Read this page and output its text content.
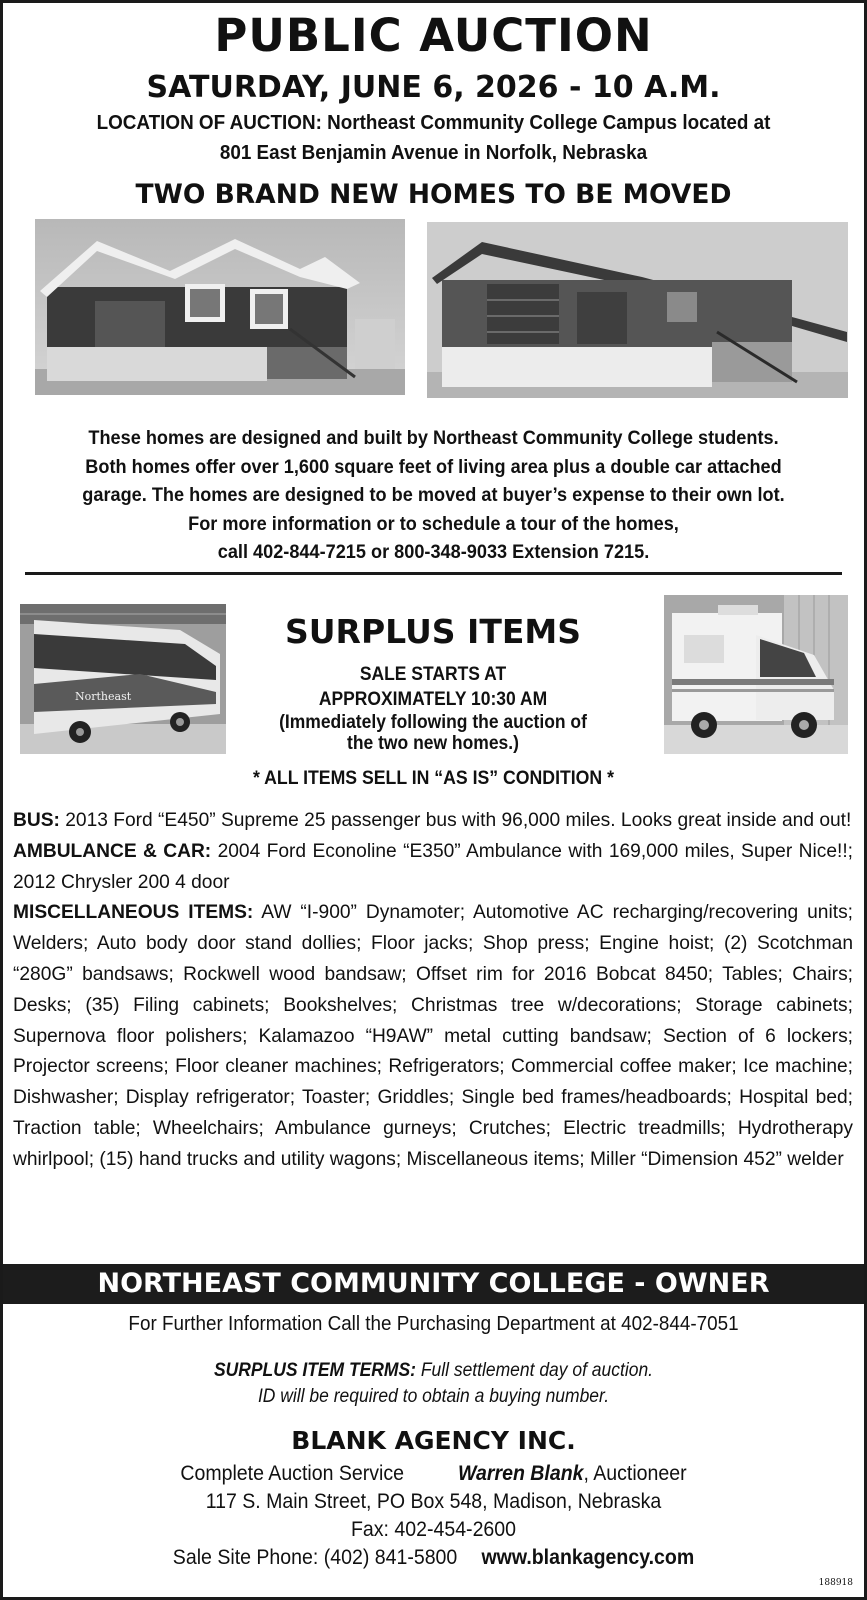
PUBLIC AUCTION
SATURDAY, JUNE 6, 2026 - 10 A.M.
LOCATION OF AUCTION: Northeast Community College Campus located at
801 East Benjamin Avenue in Norfolk, Nebraska
TWO BRAND NEW HOMES TO BE MOVED
These homes are designed and built by Northeast Community College students.
Both homes offer over 1,600 square feet of living area plus a double car attached
garage. The homes are designed to be moved at buyer’s expense to their own lot.
For more information or to schedule a tour of the homes,
call 402-844-7215 or 800-348-9033 Extension 7215.
Northeast
SURPLUS ITEMS
SALE STARTS AT
APPROXIMATELY 10:30 AM
(Immediately following the auction of
the two new homes.)
* ALL ITEMS SELL IN “AS IS” CONDITION *

BUS: 2013 Ford “E450” Supreme 25 passenger bus with 96,000 miles. Looks great inside and out!

AMBULANCE & CAR: 2004 Ford Econoline “E350” Ambulance with 169,000 miles, Super Nice!!; 2012 Chrysler 200 4 door

MISCELLANEOUS ITEMS: AW “I-900” Dynamoter; Automotive AC recharging/recovering units; Welders; Auto body door stand dollies; Floor jacks; Shop press; Engine hoist; (2) Scotchman “280G” bandsaws; Rockwell wood bandsaw; Offset rim for 2016 Bobcat 8450; Tables; Chairs; Desks; (35) Filing cabinets; Bookshelves; Christmas tree w/decorations; Storage cabinets; Supernova floor polishers; Kalamazoo “H9AW” metal cutting bandsaw; Section of 6 lockers; Projector screens; Floor cleaner machines; Refrigerators; Commercial coffee maker; Ice machine; Dishwasher; Display refrigerator; Toaster; Griddles; Single bed frames/headboards; Hospital bed; Traction table; Wheelchairs; Ambulance gurneys; Crutches; Electric treadmills; Hydrotherapy whirlpool; (15) hand trucks and utility wagons; Miscellaneous items; Miller “Dimension 452” welder

NORTHEAST COMMUNITY COLLEGE - OWNER
For Further Information Call the Purchasing Department at 402-844-7051
SURPLUS ITEM TERMS: Full settlement day of auction.
ID will be required to obtain a buying number.
BLANK AGENCY INC.
Complete Auction Service	Warren Blank, Auctioneer
117 S. Main Street, PO Box 548, Madison, Nebraska
Fax: 402-454-2600
Sale Site Phone: (402) 841-5800 www.blankagency.com
188918
